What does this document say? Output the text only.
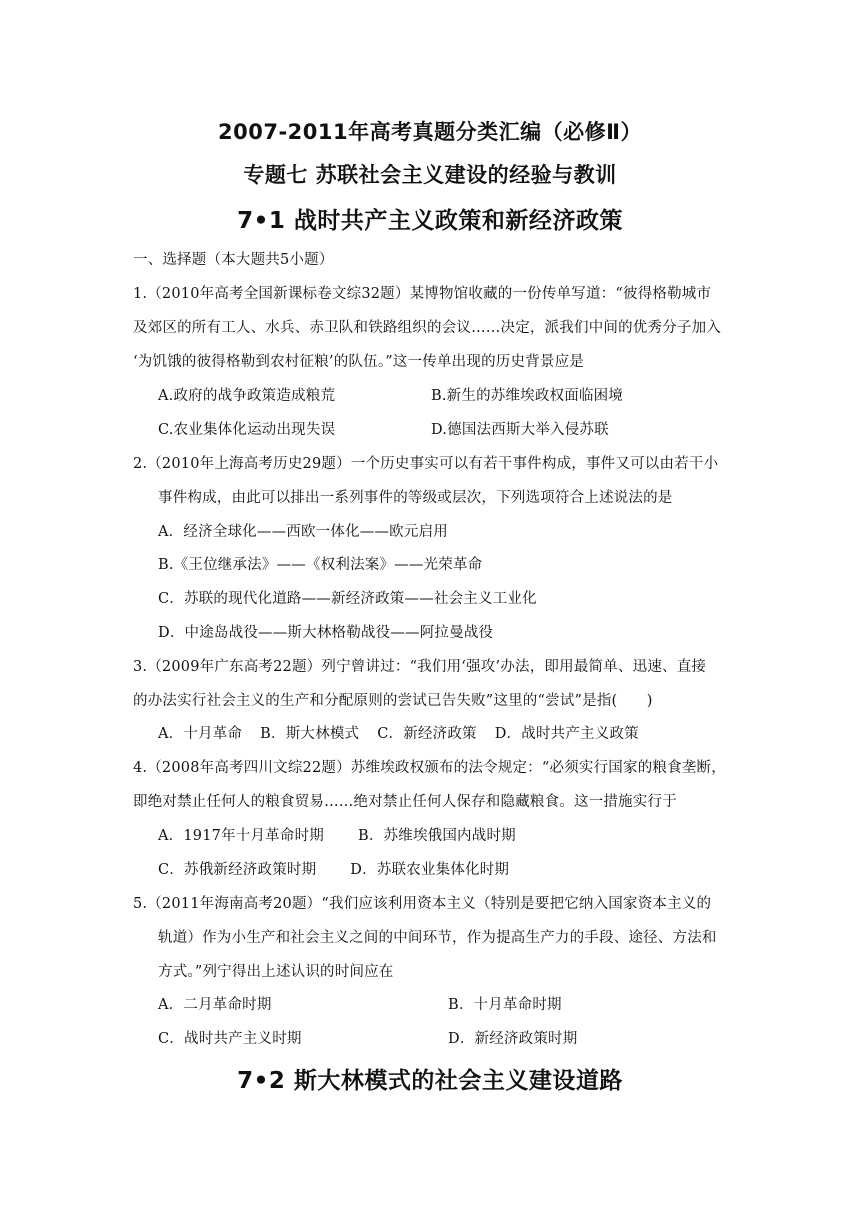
2007-2011年高考真题分类汇编（必修Ⅱ）
专题七 苏联社会主义建设的经验与教训
7•1 战时共产主义政策和新经济政策
一、选择题（本大题共5小题）
1.（2010年高考全国新课标卷文综32题）某博物馆收藏的一份传单写道：“彼得格勒城市
及郊区的所有工人、水兵、赤卫队和铁路组织的会议……决定，派我们中间的优秀分子加入
‘为饥饿的彼得格勒到农村征粮’的队伍。”这一传单出现的历史背景应是
A.政府的战争政策造成粮荒	B.新生的苏维埃政权面临困境
C.农业集体化运动出现失误	D.德国法西斯大举入侵苏联
2.（2010年上海高考历史29题）一个历史事实可以有若干事件构成，事件又可以由若干小
事件构成，由此可以排出一系列事件的等级或层次，下列选项符合上述说法的是
A．经济全球化——西欧一体化——欧元启用
B.《王位继承法》——《权利法案》——光荣革命
C．苏联的现代化道路——新经济政策——社会主义工业化
D．中途岛战役——斯大林格勒战役——阿拉曼战役
3.（2009年广东高考22题）列宁曾讲过：“我们用‘强攻’办法，即用最简单、迅速、直接
的办法实行社会主义的生产和分配原则的尝试已告失败”这里的“尝试”是指(　　)
A．十月革命 B．斯大林模式 C．新经济政策 D．战时共产主义政策
4.（2008年高考四川文综22题）苏维埃政权颁布的法令规定：“必须实行国家的粮食垄断，
即绝对禁止任何人的粮食贸易……绝对禁止任何人保存和隐藏粮食。这一措施实行于
A．1917年十月革命时期 B．苏维埃俄国内战时期
C．苏俄新经济政策时期 D．苏联农业集体化时期
5.（2011年海南高考20题）“我们应该利用资本主义（特别是要把它纳入国家资本主义的
轨道）作为小生产和社会主义之间的中间环节，作为提高生产力的手段、途径、方法和
方式。”列宁得出上述认识的时间应在
A．二月革命时期	B．十月革命时期
C．战时共产主义时期	D．新经济政策时期
7•2 斯大林模式的社会主义建设道路
